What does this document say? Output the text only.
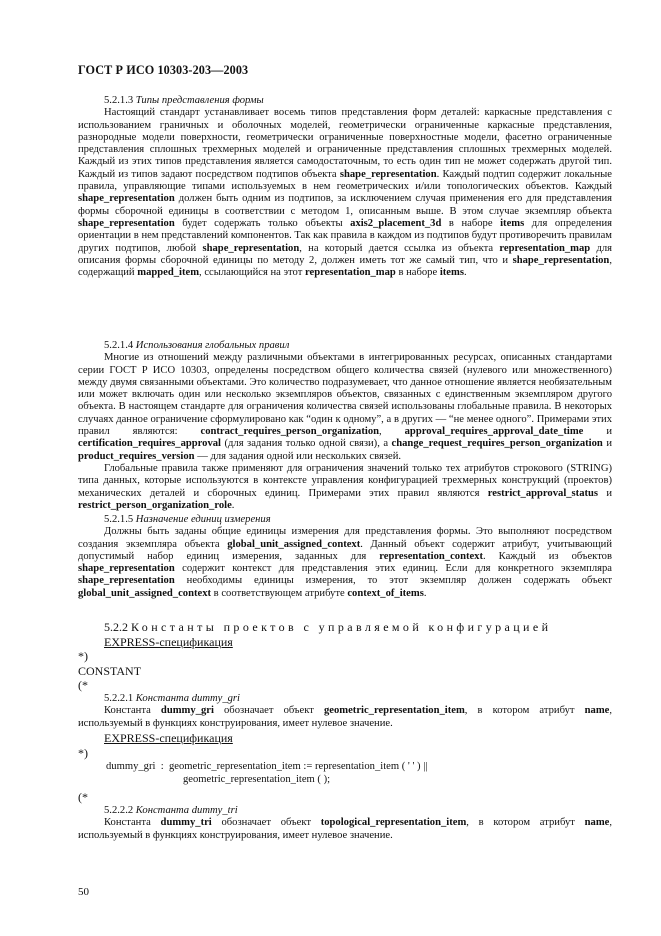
ГОСТ Р ИСО 10303-203—2003
5.2.1.3 Типы представления формы

Настоящий стандарт устанавливает восемь типов представления форм деталей: каркасные представления с использованием граничных и оболочных моделей, геометрически ограниченные каркасные представления, разнородные модели поверхности, геометрически ограниченные поверхностные модели, фасетно ограниченные представления сплошных трехмерных моделей и ограниченные представления сплошных трехмерных моделей. Каждый из этих типов представления является самодостаточным, то есть один тип не может содержать другой тип. Каждый из типов задают посредством подтипов объекта shape_representation. Каждый подтип содержит локальные правила, управляющие типами используемых в нем геометрических и/или топологических объектов. Каждый shape_representation должен быть одним из подтипов, за исключением случая применения его для представления формы сборочной единицы в соответствии с методом 1, описанным выше. В этом случае экземпляр объекта shape_representation будет содержать только объекты axis2_placement_3d в наборе items для определения ориентации в нем представлений компонентов. Так как правила в каждом из подтипов будут противоречить правилам других подтипов, любой shape_representation, на который дается ссылка из объекта representation_map для описания формы сборочной единицы по методу 2, должен иметь тот же самый тип, что и shape_representation, содержащий mapped_item, ссылающийся на этот representation_map в наборе items.

5.2.1.4 Использования глобальных правил

Многие из отношений между различными объектами в интегрированных ресурсах, описанных стандартами серии ГОСТ Р ИСО 10303, определены посредством общего количества связей (нулевого или множественного) между двумя связанными объектами. Это количество подразумевает, что данное отношение является необязательным или может включать один или несколько экземпляров объектов, связанных с единственным экземпляром другого объекта. В настоящем стандарте для ограничения количества связей использованы глобальные правила. В некоторых случаях данное ограничение сформулировано как “один к одному”, а в других — “не менее одного”. Примерами этих правил являются: contract_requires_person_organization, approval_requires_approval_date_time и certification_requires_approval (для задания только одной связи), а change_request_requires_person_organization и product_requires_version — для задания одной или нескольких связей.

Глобальные правила также применяют для ограничения значений только тех атрибутов строкового (STRING) типа данных, которые используются в контексте управления конфигурацией трехмерных конструкций (проектов) механических деталей и сборочных единиц. Примерами этих правил являются restrict_approval_status и restrict_person_organization_role.

5.2.1.5 Назначение единиц измерения

Должны быть заданы общие единицы измерения для представления формы. Это выполняют посредством создания экземпляра объекта global_unit_assigned_context. Данный объект содержит атрибут, учитывающий допустимый набор единиц измерения, заданных для representation_context. Каждый из объектов shape_representation содержит контекст для представления этих единиц. Если для конкретного экземпляра shape_representation необходимы единицы измерения, то этот экземпляр должен содержать объект global_unit_assigned_context в соответствующем атрибуте context_of_items.

5.2.2 Константы проектов с управляемой конфигурацией
EXPRESS-спецификация
*)
CONSTANT
(*
5.2.2.1 Константа dummy_gri

Константа dummy_gri обозначает объект geometric_representation_item, в котором атрибут name, используемый в функциях конструирования, имеет нулевое значение.

EXPRESS-спецификация
*)
dummy_gri  :  geometric_representation_item := representation_item ( ' ' ) ||
geometric_representation_item ( );
(*
5.2.2.2 Константа dummy_tri

Константа dummy_tri обозначает объект topological_representation_item, в котором атрибут name, используемый в функциях конструирования, имеет нулевое значение.

50
